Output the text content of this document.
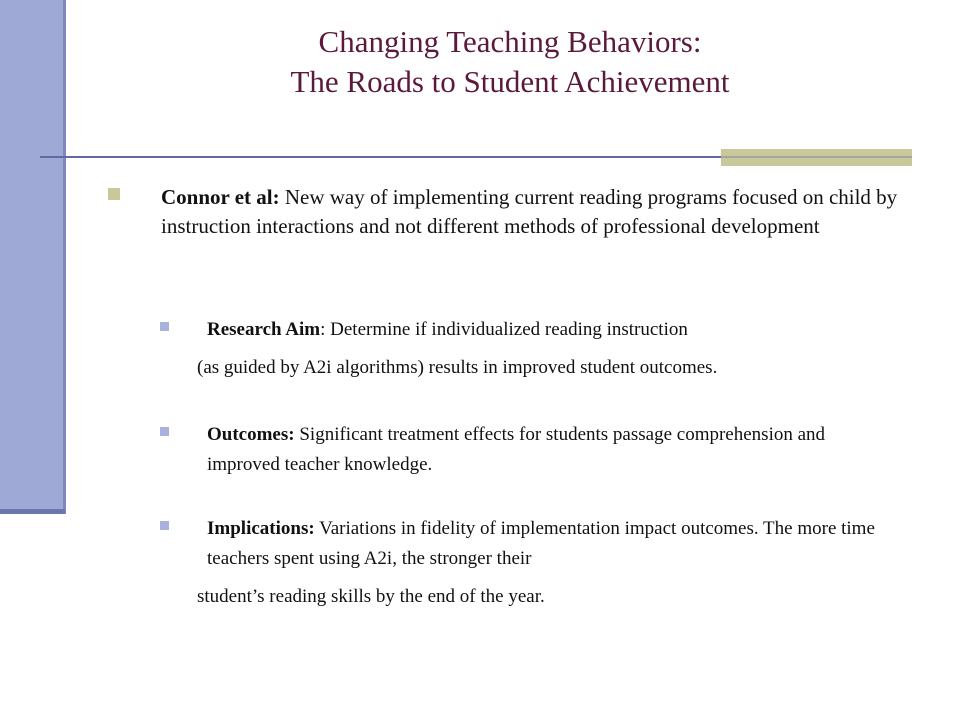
Changing Teaching Behaviors:
The Roads to Student Achievement
Connor et al: New way of implementing current reading programs focused on child by instruction interactions and not different methods of professional development
Research Aim: Determine if individualized reading instruction
(as guided by A2i algorithms) results in improved student outcomes.
Outcomes: Significant treatment effects for students passage comprehension and improved teacher knowledge.
Implications: Variations in fidelity of implementation impact outcomes. The more time teachers spent using A2i, the stronger their
student’s reading skills by the end of the year.
